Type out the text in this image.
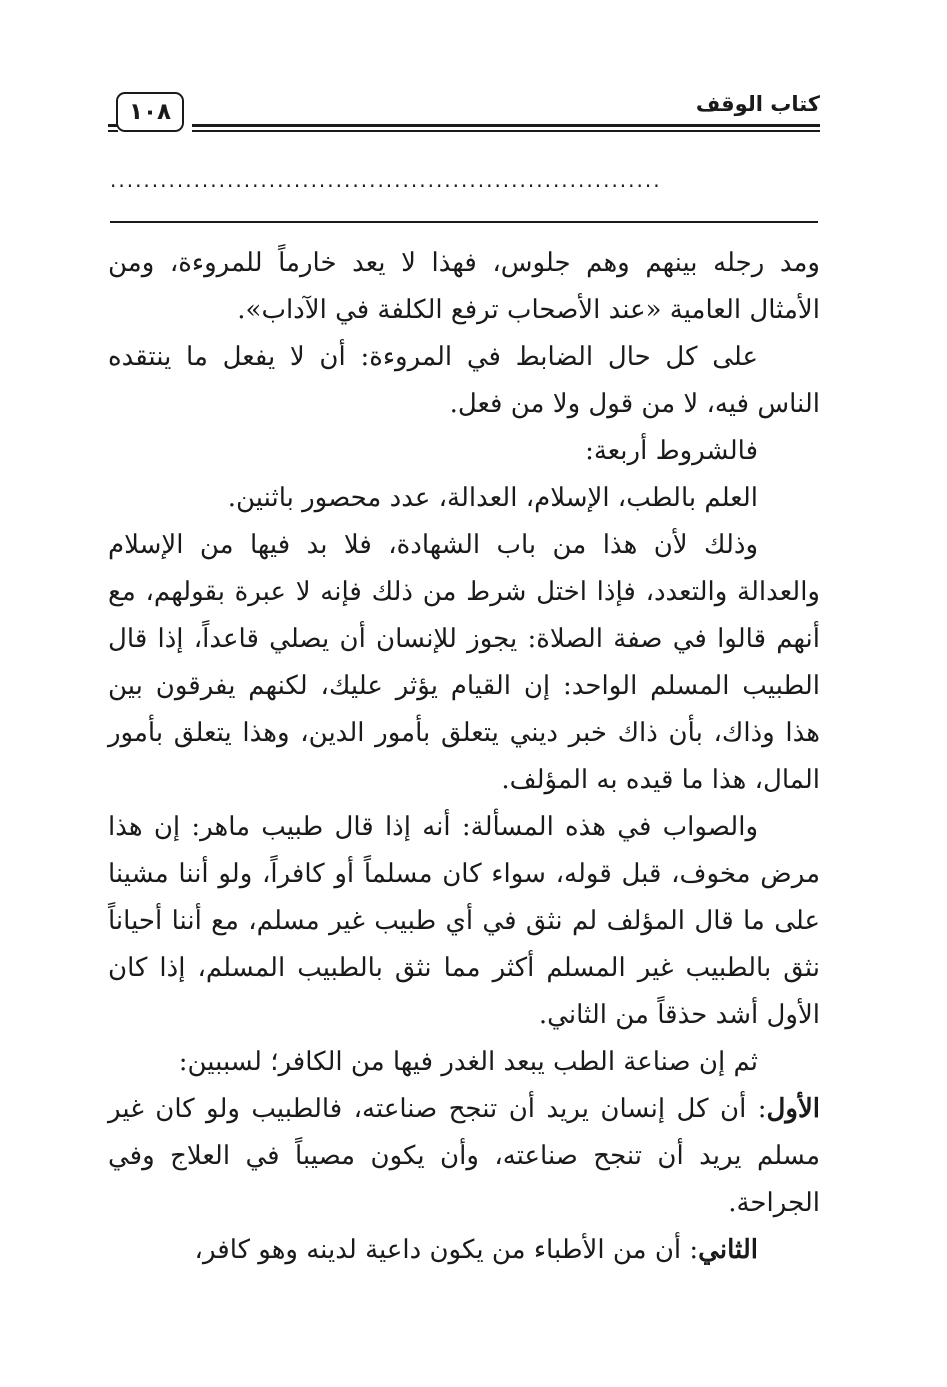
كتاب الوقف
١٠٨
..................................................................

ومد رجله بينهم وهم جلوس، فهذا لا يعد خارماً للمروءة، ومن الأمثال العامية «عند الأصحاب ترفع الكلفة في الآداب».

على كل حال الضابط في المروءة: أن لا يفعل ما ينتقده الناس فيه، لا من قول ولا من فعل.

فالشروط أربعة:

العلم بالطب، الإسلام، العدالة، عدد محصور باثنين.

وذلك لأن هذا من باب الشهادة، فلا بد فيها من الإسلام والعدالة والتعدد، فإذا اختل شرط من ذلك فإنه لا عبرة بقولهم، مع أنهم قالوا في صفة الصلاة: يجوز للإنسان أن يصلي قاعداً، إذا قال الطبيب المسلم الواحد: إن القيام يؤثر عليك، لكنهم يفرقون بين هذا وذاك، بأن ذاك خبر ديني يتعلق بأمور الدين، وهذا يتعلق بأمور المال، هذا ما قيده به المؤلف.

والصواب في هذه المسألة: أنه إذا قال طبيب ماهر: إن هذا مرض مخوف، قبل قوله، سواء كان مسلماً أو كافراً، ولو أننا مشينا على ما قال المؤلف لم نثق في أي طبيب غير مسلم، مع أننا أحياناً نثق بالطبيب غير المسلم أكثر مما نثق بالطبيب المسلم، إذا كان الأول أشد حذقاً من الثاني.

ثم إن صناعة الطب يبعد الغدر فيها من الكافر؛ لسببين:

الأول: أن كل إنسان يريد أن تنجح صناعته، فالطبيب ولو كان غير مسلم يريد أن تنجح صناعته، وأن يكون مصيباً في العلاج وفي الجراحة.

الثاني: أن من الأطباء من يكون داعية لدينه وهو كافر،
